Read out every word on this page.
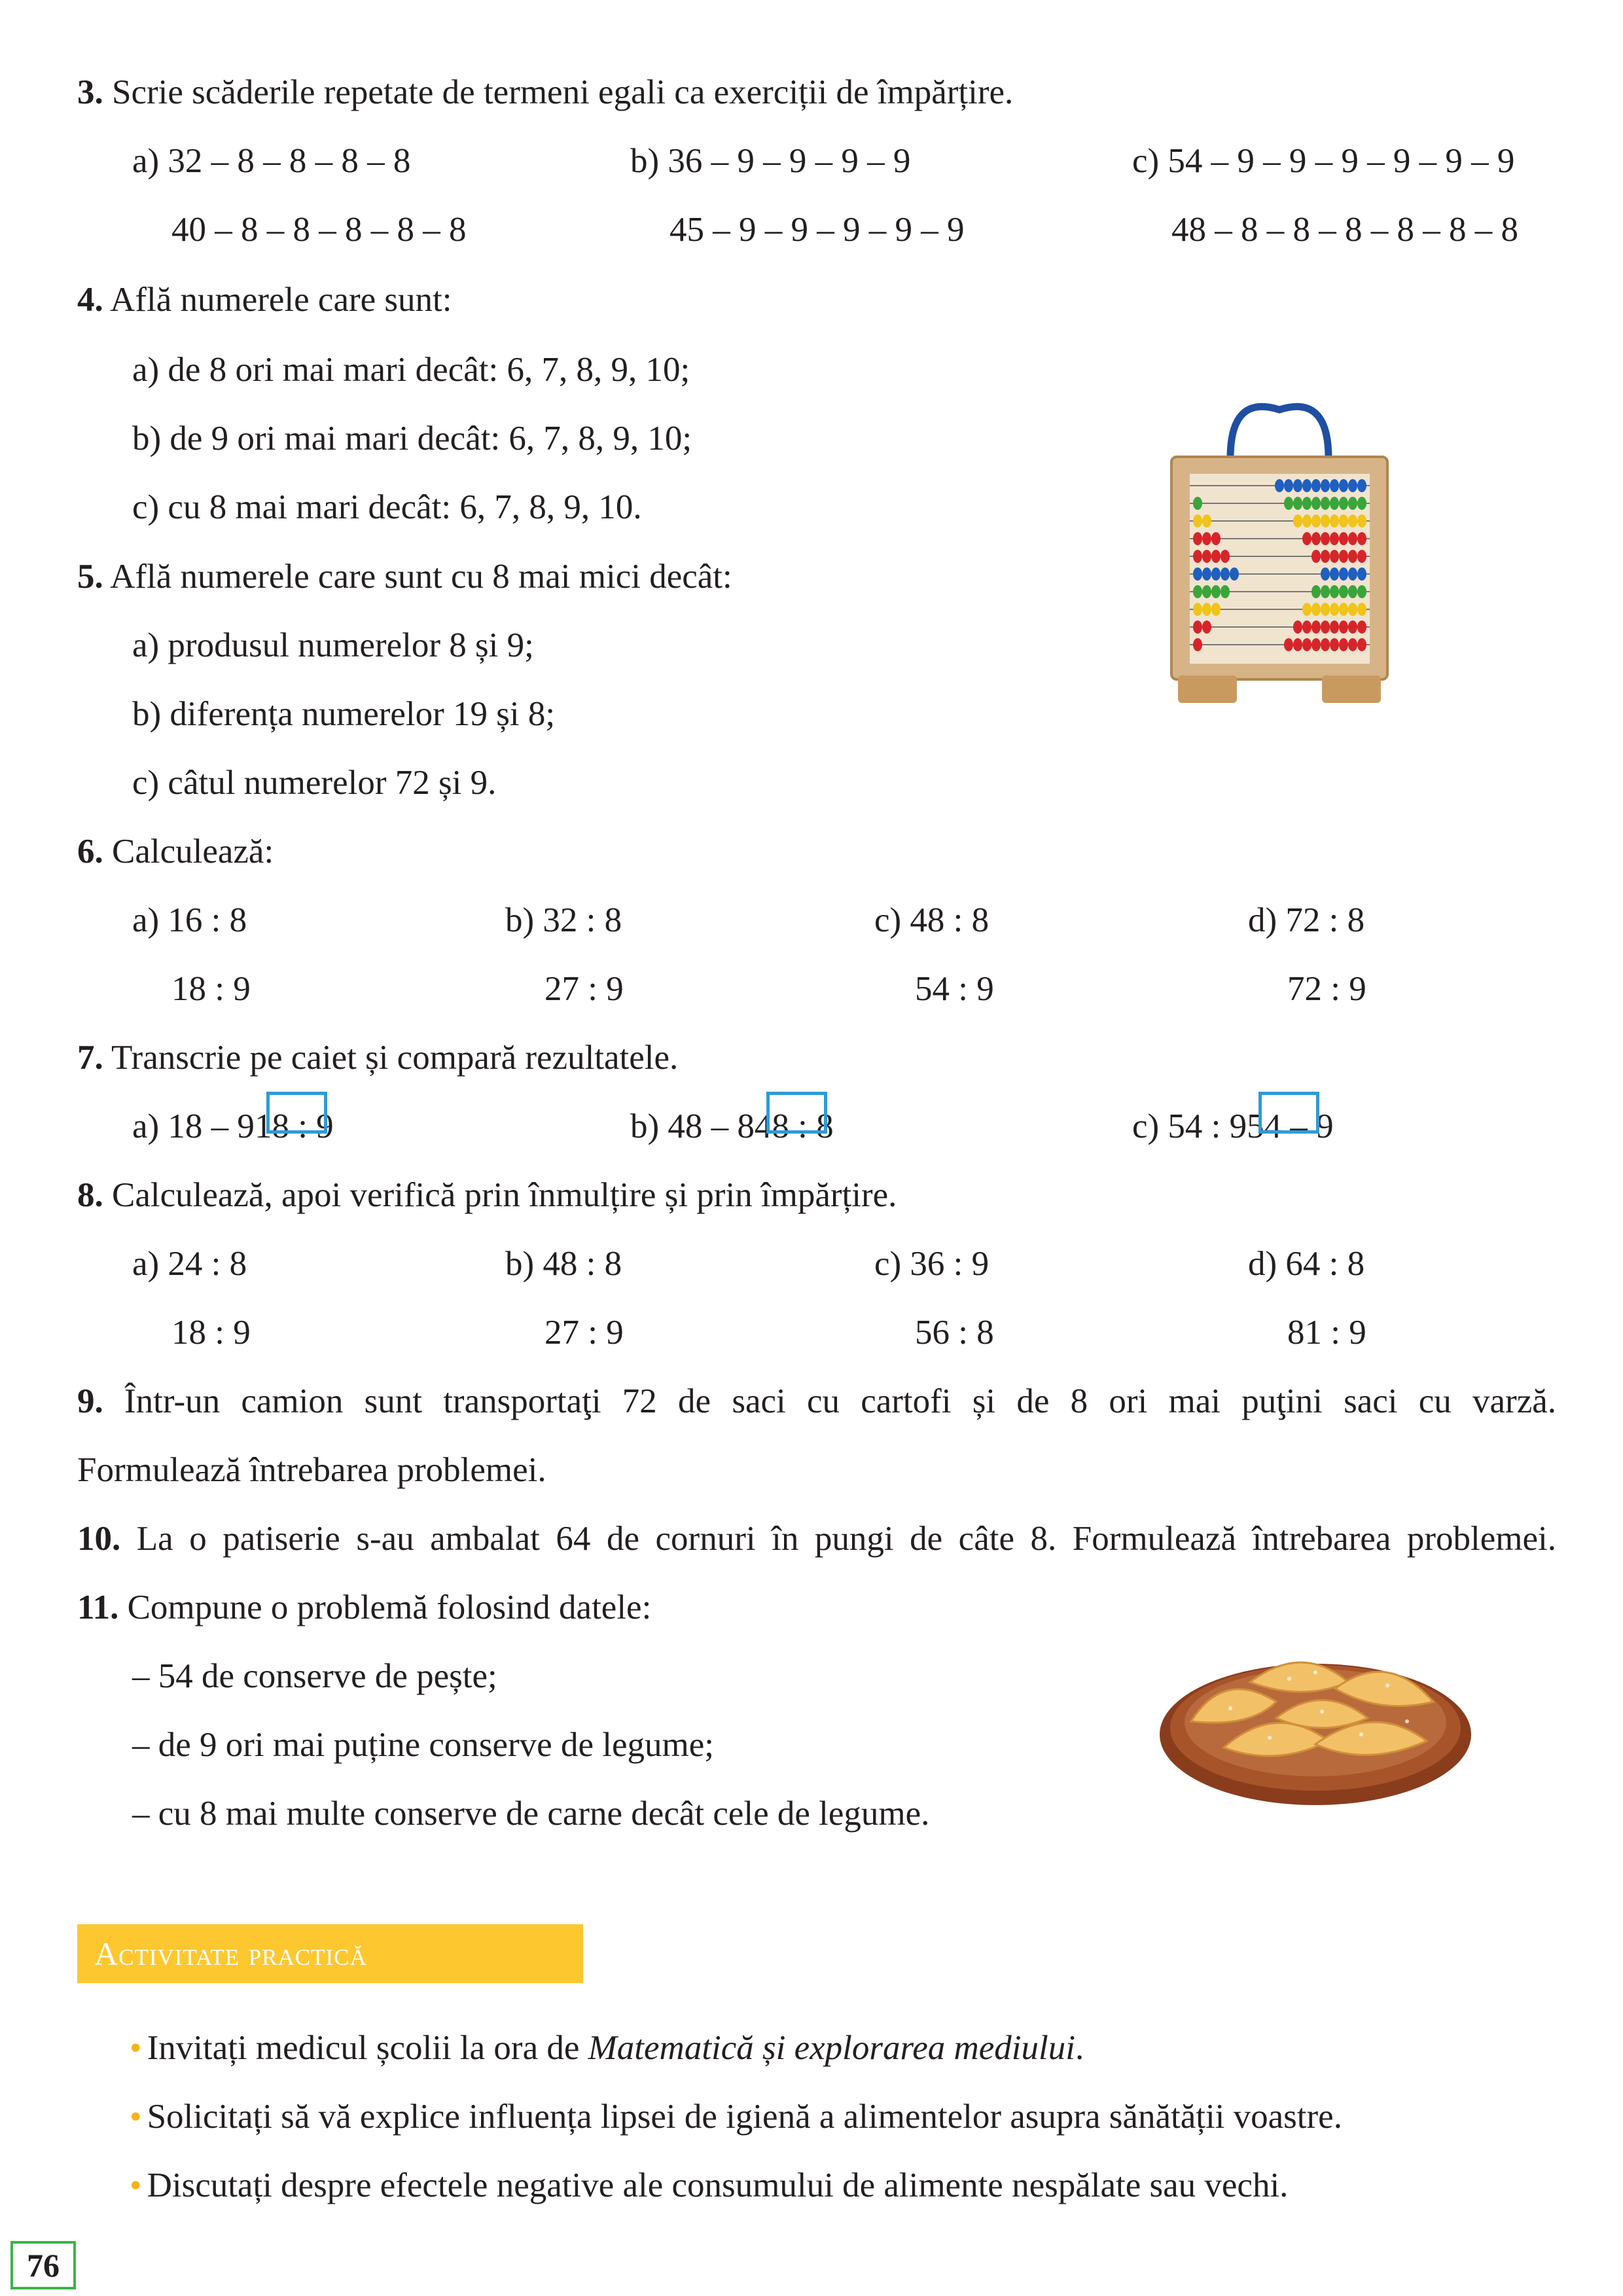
3. Scrie scăderile repetate de termeni egali ca exerciții de împărțire.
a) 32 – 8 – 8 – 8 – 8	b) 36 – 9 – 9 – 9 – 9	c) 54 – 9 – 9 – 9 – 9 – 9 – 9
40 – 8 – 8 – 8 – 8 – 8	45 – 9 – 9 – 9 – 9 – 9	48 – 8 – 8 – 8 – 8 – 8 – 8
4. Află numerele care sunt:
a) de 8 ori mai mari decât: 6, 7, 8, 9, 10;
b) de 9 ori mai mari decât: 6, 7, 8, 9, 10;
c) cu 8 mai mari decât: 6, 7, 8, 9, 10.
5. Află numerele care sunt cu 8 mai mici decât:
a) produsul numerelor 8 și 9;
b) diferența numerelor 19 și 8;
c) câtul numerelor 72 și 9.
6. Calculează:
a) 16 : 8	b) 32 : 8	c) 48 : 8	d) 72 : 8
18 : 9	27 : 9	54 : 9	72 : 9
7. Transcrie pe caiet și compară rezultatele.
a) 18 – 9
18 : 9	b) 48 – 8
48 : 8	c) 54 : 9
54 – 9
8. Calculează, apoi verifică prin înmulțire și prin împărțire.
a) 24 : 8	b) 48 : 8	c) 36 : 9	d) 64 : 8
18 : 9	27 : 9	56 : 8	81 : 9
9. Într-un camion sunt transportaţi 72 de saci cu cartofi și de 8 ori mai puţini saci cu varză.
Formulează întrebarea problemei.
10. La o patiserie s-au ambalat 64 de cornuri în pungi de câte 8. Formulează întrebarea problemei.
11. Compune o problemă folosind datele:
– 54 de conserve de pește;
– de 9 ori mai puține conserve de legume;
– cu 8 mai multe conserve de carne decât cele de legume.
Activitate practică
• Invitați medicul școlii la ora de Matematică și explorarea mediului.
• Solicitați să vă explice influența lipsei de igienă a alimentelor asupra sănătății voastre.
• Discutați despre efectele negative ale consumului de alimente nespălate sau vechi.
76
